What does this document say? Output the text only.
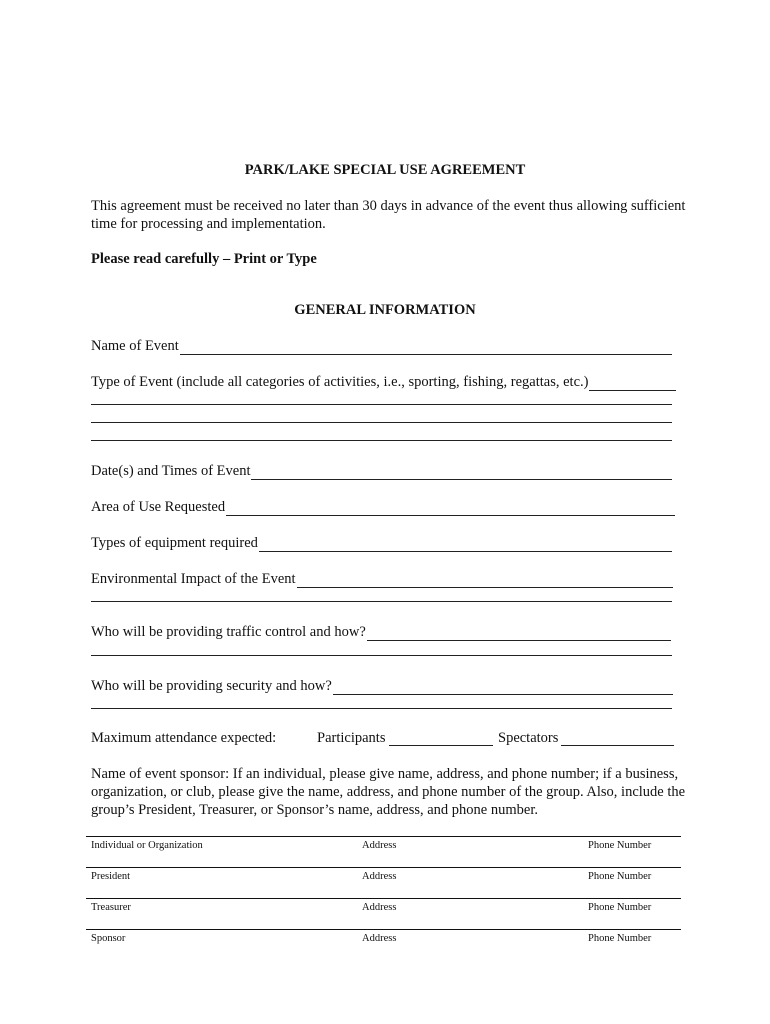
PARK/LAKE SPECIAL USE AGREEMENT
This agreement must be received no later than 30 days in advance of the event thus allowing sufficient time for processing and implementation.
Please read carefully – Print or Type
GENERAL INFORMATION
Name of Event
Type of Event (include all categories of activities, i.e., sporting, fishing, regattas, etc.)
Date(s) and Times of Event
Area of Use Requested
Types of equipment required
Environmental Impact of the Event
Who will be providing traffic control and how?
Who will be providing security and how?
Maximum attendance expected:	Participants	Spectators
Name of event sponsor: If an individual, please give name, address, and phone number; if a business, organization, or club, please give the name, address, and phone number of the group. Also, include the group’s President, Treasurer, or Sponsor’s name, address, and phone number.
Individual or Organization	Address	Phone Number
President	Address	Phone Number
Treasurer	Address	Phone Number
Sponsor	Address	Phone Number
